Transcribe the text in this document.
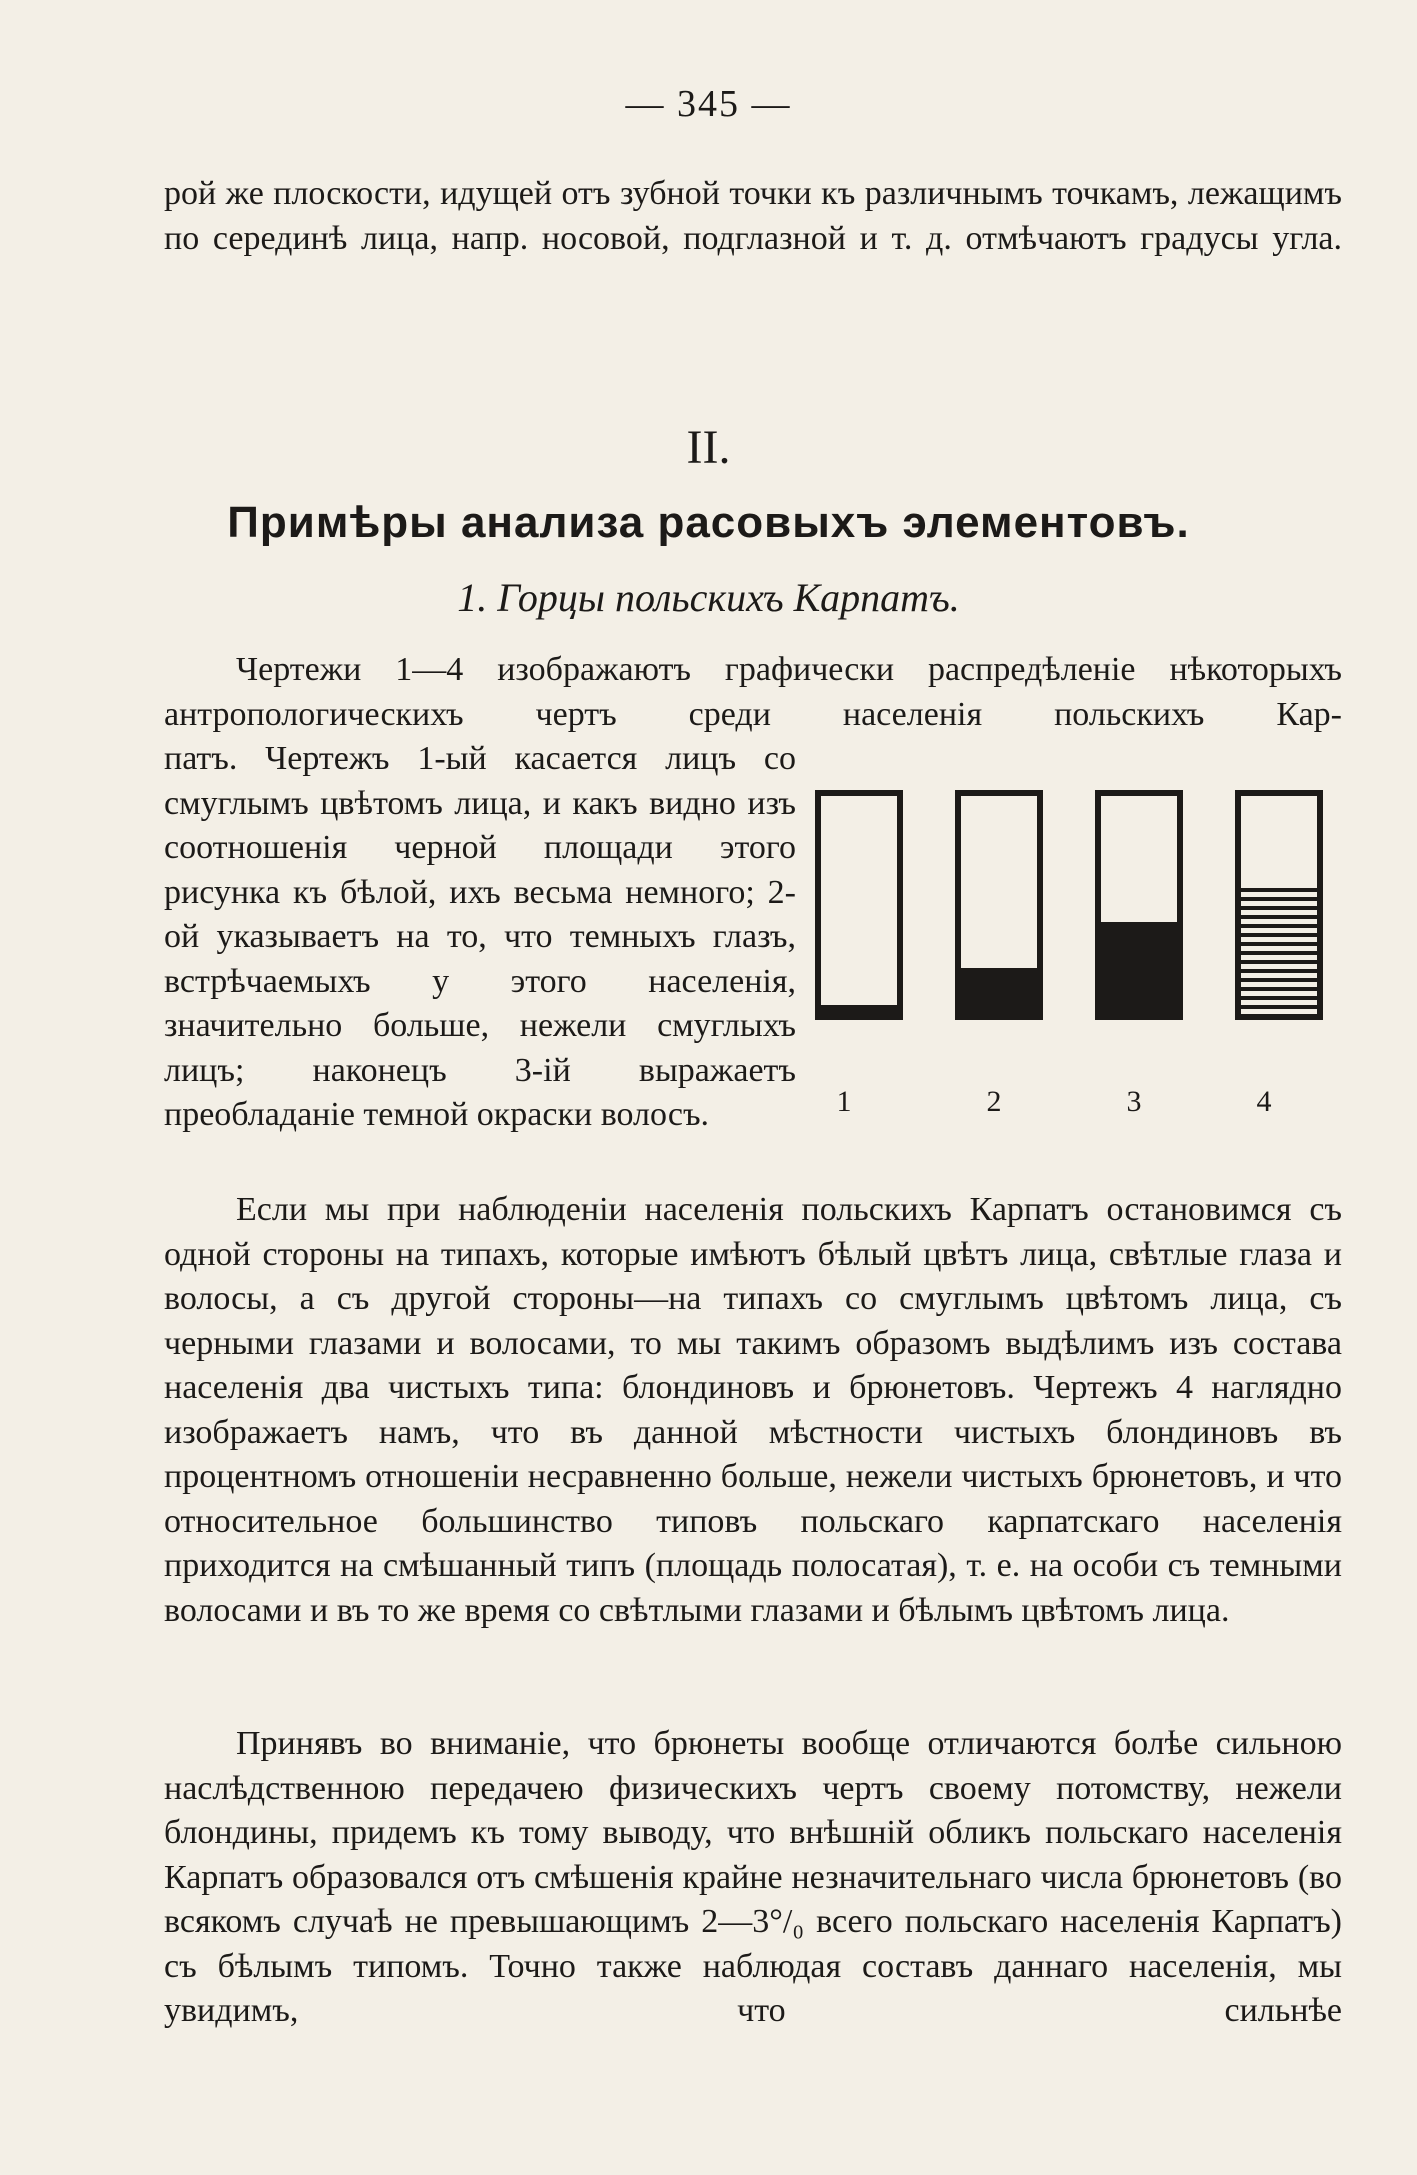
— 345 —

рой же плоскости, идущей отъ зубной точки къ различнымъ точкамъ, лежащимъ по серединѣ лица, напр. носовой, подглазной и т. д. отмѣчаютъ градусы угла.

II.
Примѣры анализа расовыхъ элементовъ.
1. Горцы польскихъ Карпатъ.

Чертежи 1—4 изображаютъ графически распредѣленіе нѣкоторыхъ антропологическихъ чертъ среди населенія польскихъ Кар-

патъ. Чертежъ 1-ый касается лицъ со смуглымъ цвѣтомъ лица, и какъ видно изъ соотношенія черной площади этого рисунка къ бѣлой, ихъ весьма немного; 2-ой указываетъ на то, что темныхъ глазъ, встрѣчаемыхъ у этого населенія, значительно больше, нежели смуглыхъ лицъ; наконецъ 3-iй выражаетъ преобладаніе темной окраски волосъ.	1	2	3	4

Если мы при наблюденіи населенія польскихъ Карпатъ остановимся съ одной стороны на типахъ, которые имѣютъ бѣлый цвѣтъ лица, свѣтлые глаза и волосы, а съ другой стороны—на типахъ со смуглымъ цвѣтомъ лица, съ черными глазами и волосами, то мы такимъ образомъ выдѣлимъ изъ состава населенія два чистыхъ типа: блондиновъ и брюнетовъ. Чертежъ 4 наглядно изображаетъ намъ, что въ данной мѣстности чистыхъ блондиновъ въ процентномъ отношеніи несравненно больше, нежели чистыхъ брюнетовъ, и что относительное большинство типовъ польскаго карпатскаго населенія приходится на смѣшанный типъ (площадь полосатая), т. е. на особи съ темными волосами и въ то же время со свѣтлыми глазами и бѣлымъ цвѣтомъ лица.

Принявъ во вниманіе, что брюнеты вообще отличаются болѣе сильною наслѣдственною передачею физическихъ чертъ своему потомству, нежели блондины, придемъ къ тому выводу, что внѣшній обликъ польскаго населенія Карпатъ образовался отъ смѣшенія крайне незначительнаго числа брюнетовъ (во всякомъ случаѣ не превышающимъ 2—3°/₀ всего польскаго населенія Карпатъ) съ бѣлымъ типомъ. Точно также наблюдая составъ даннаго населенія, мы увидимъ, что сильнѣе
